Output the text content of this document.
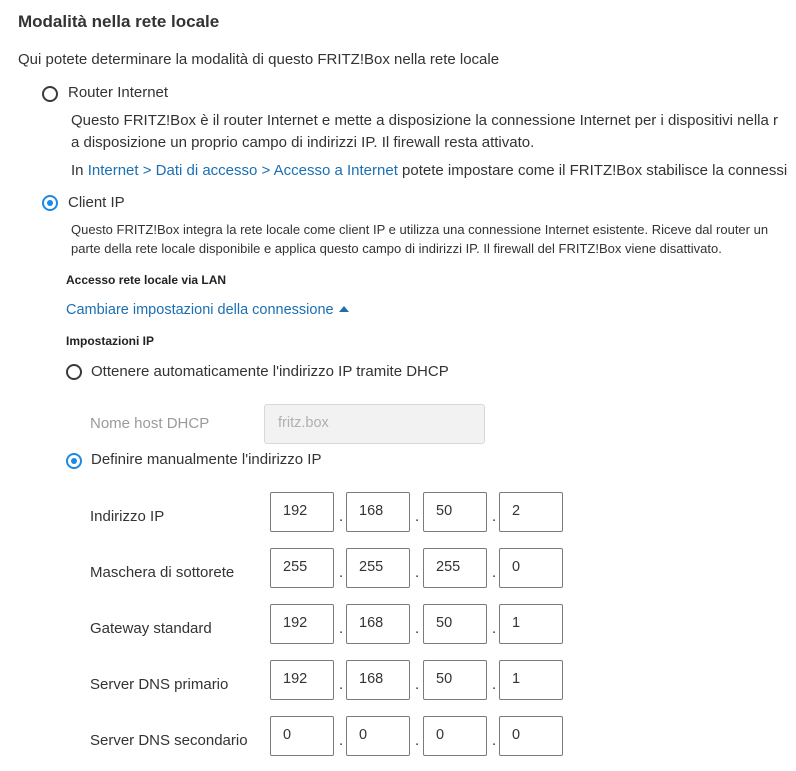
Modalità nella rete locale
Qui potete determinare la modalità di questo FRITZ!Box nella rete locale
Router Internet
Questo FRITZ!Box è il router Internet e mette a disposizione la connessione Internet per i dispositivi nella r
a disposizione un proprio campo di indirizzi IP. Il firewall resta attivato.
In Internet > Dati di accesso > Accesso a Internet potete impostare come il FRITZ!Box stabilisce la connessi
Client IP
Questo FRITZ!Box integra la rete locale come client IP e utilizza una connessione Internet esistente. Riceve dal router un
parte della rete locale disponibile e applica questo campo di indirizzi IP. Il firewall del FRITZ!Box viene disattivato.
Accesso rete locale via LAN
Cambiare impostazioni della connessione
Impostazioni IP
Ottenere automaticamente l'indirizzo IP tramite DHCP
Nome host DHCP	fritz.box
Definire manualmente l'indirizzo IP
Indirizzo IP	192	.	168	.	50	.	2
Maschera di sottorete	255	.	255	.	255	.	0
Gateway standard	192	.	168	.	50	.	1
Server DNS primario	192	.	168	.	50	.	1
Server DNS secondario	0	.	0	.	0	.	0
